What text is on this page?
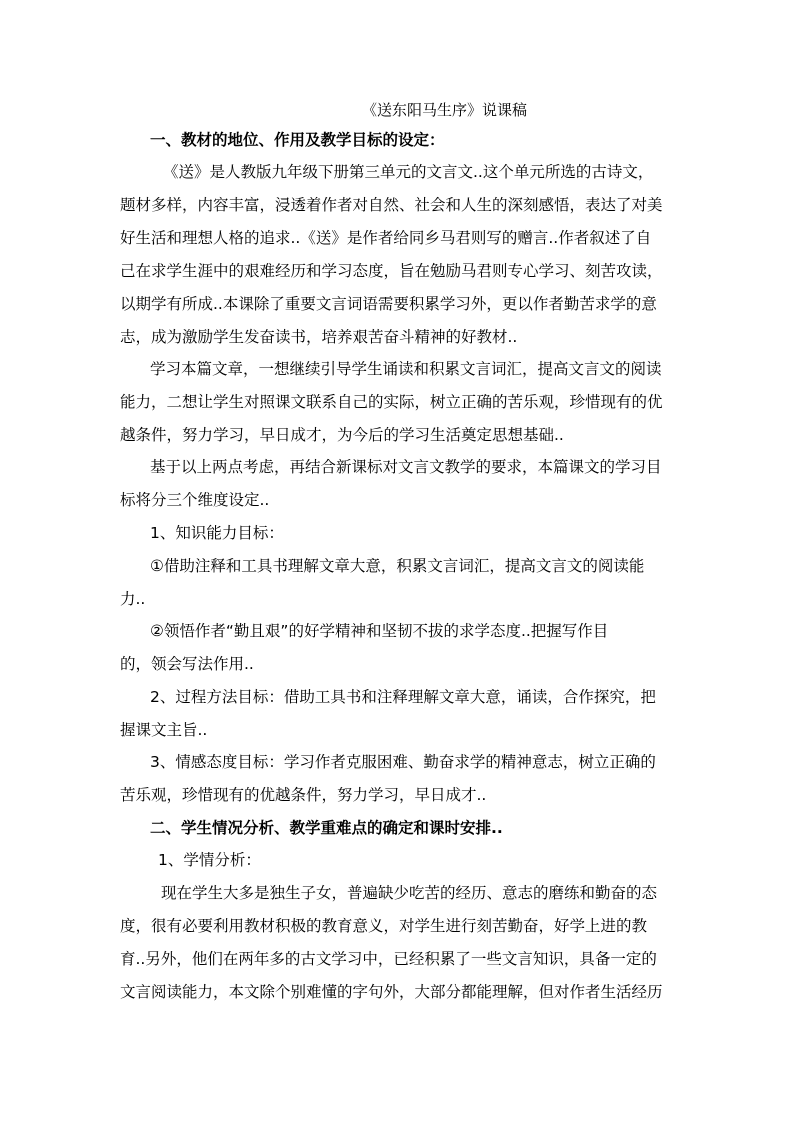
《送东阳马生序》说课稿
一、教材的地位、作用及教学目标的设定：
《送》是人教版九年级下册第三单元的文言文..这个单元所选的古诗文，
题材多样，内容丰富，浸透着作者对自然、社会和人生的深刻感悟，表达了对美
好生活和理想人格的追求..《送》是作者给同乡马君则写的赠言..作者叙述了自
己在求学生涯中的艰难经历和学习态度，旨在勉励马君则专心学习、刻苦攻读，
以期学有所成..本课除了重要文言词语需要积累学习外，更以作者勤苦求学的意
志，成为激励学生发奋读书，培养艰苦奋斗精神的好教材..
学习本篇文章，一想继续引导学生诵读和积累文言词汇，提高文言文的阅读
能力，二想让学生对照课文联系自己的实际，树立正确的苦乐观，珍惜现有的优
越条件，努力学习，早日成才，为今后的学习生活奠定思想基础..
基于以上两点考虑，再结合新课标对文言文教学的要求，本篇课文的学习目
标将分三个维度设定..
1、知识能力目标：
①借助注释和工具书理解文章大意，积累文言词汇，提高文言文的阅读能
力..
②领悟作者“勤且艰”的好学精神和坚韧不拔的求学态度..把握写作目
的，领会写法作用..
2、过程方法目标：借助工具书和注释理解文章大意，诵读，合作探究，把
握课文主旨..
3、情感态度目标：学习作者克服困难、勤奋求学的精神意志，树立正确的
苦乐观，珍惜现有的优越条件，努力学习，早日成才..
二、学生情况分析、教学重难点的确定和课时安排..
1、学情分析：
现在学生大多是独生子女，普遍缺少吃苦的经历、意志的磨练和勤奋的态
度，很有必要利用教材积极的教育意义，对学生进行刻苦勤奋，好学上进的教
育..另外，他们在两年多的古文学习中，已经积累了一些文言知识，具备一定的
文言阅读能力，本文除个别难懂的字句外，大部分都能理解，但对作者生活经历
